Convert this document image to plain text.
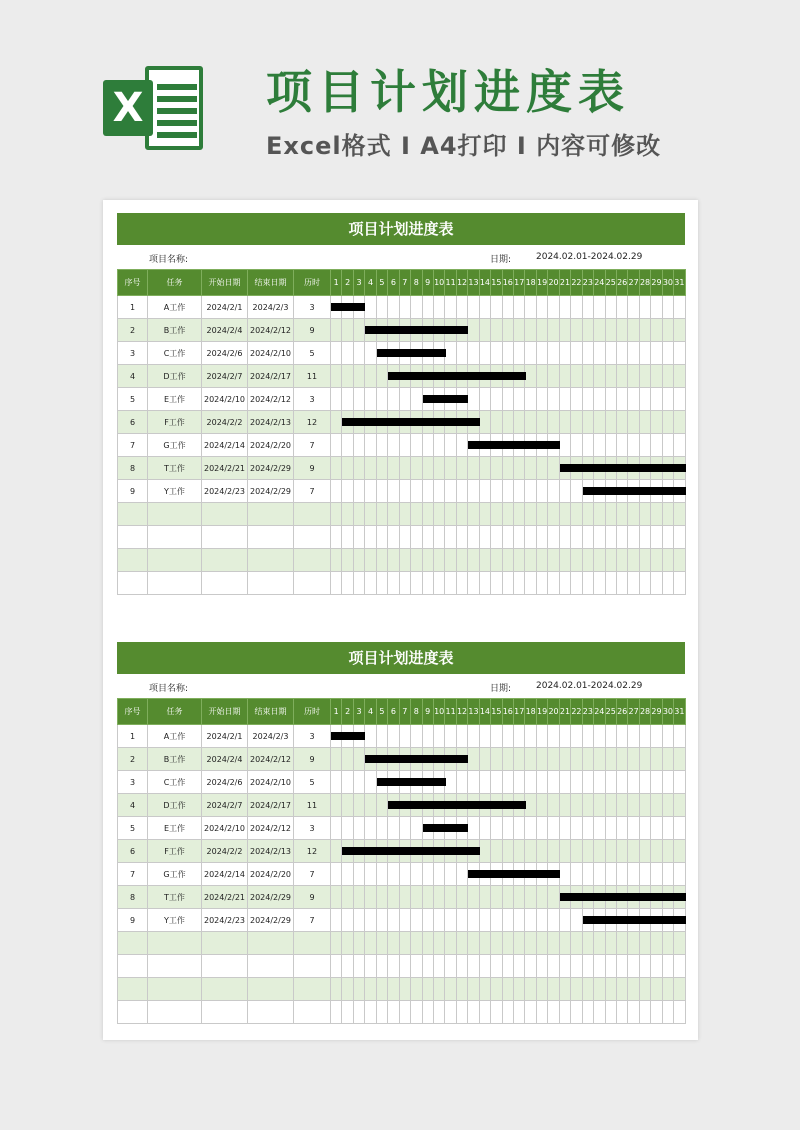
X	项目计划进度表
Excel格式 I A4打印 I 内容可修改
项目计划进度表
项目名称:	日期:	2024.02.01-2024.02.29
序号	任务	开始日期	结束日期	历时	1	2	3	4	5	6	7	8	9	10	11	12	13	14	15	16	17	18	19	20	21	22	23	24	25	26	27	28	29	30	31
1	A工作	2024/2/1	2024/2/3	3	

2	B工作	2024/2/4	2024/2/12	9	

3	C工作	2024/2/6	2024/2/10	5	

4	D工作	2024/2/7	2024/2/17	11	

5	E工作	2024/2/10	2024/2/12	3	

6	F工作	2024/2/2	2024/2/13	12	

7	G工作	2024/2/14	2024/2/20	7	

8	T工作	2024/2/21	2024/2/29	9	

9	Y工作	2024/2/23	2024/2/29	7	

项目计划进度表
项目名称:	日期:	2024.02.01-2024.02.29
序号	任务	开始日期	结束日期	历时	1	2	3	4	5	6	7	8	9	10	11	12	13	14	15	16	17	18	19	20	21	22	23	24	25	26	27	28	29	30	31
1	A工作	2024/2/1	2024/2/3	3	

2	B工作	2024/2/4	2024/2/12	9	

3	C工作	2024/2/6	2024/2/10	5	

4	D工作	2024/2/7	2024/2/17	11	

5	E工作	2024/2/10	2024/2/12	3	

6	F工作	2024/2/2	2024/2/13	12	

7	G工作	2024/2/14	2024/2/20	7	

8	T工作	2024/2/21	2024/2/29	9	

9	Y工作	2024/2/23	2024/2/29	7	
